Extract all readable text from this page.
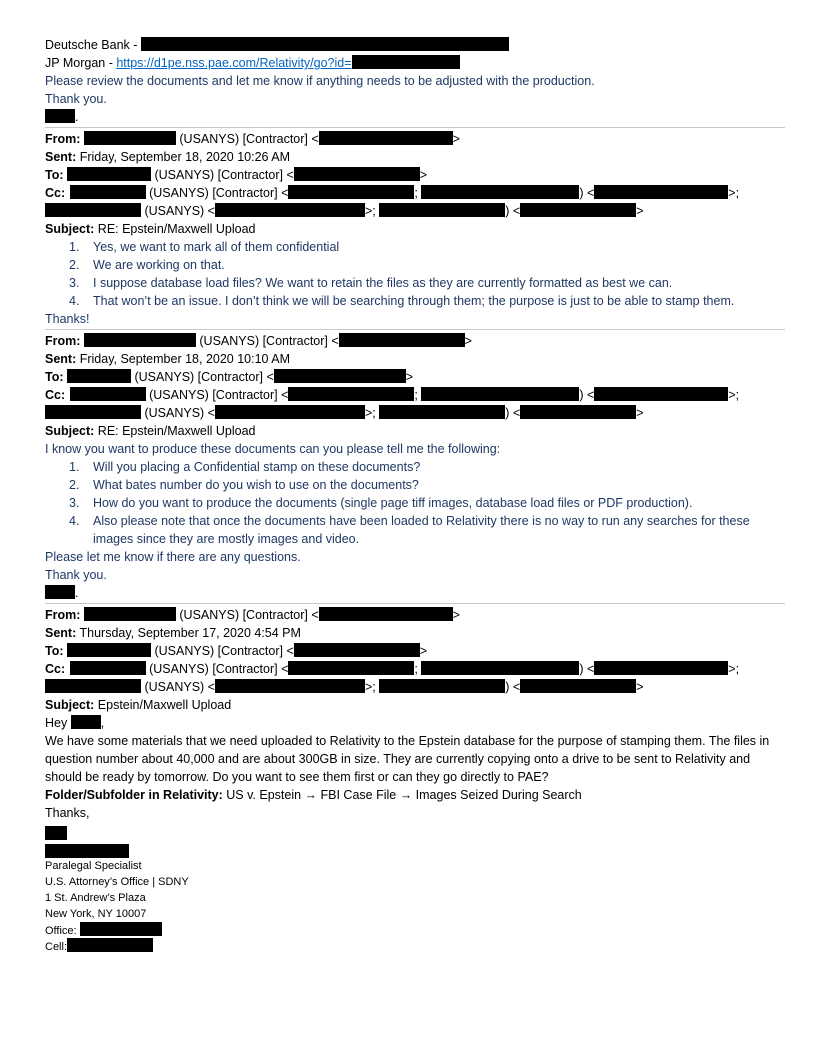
Deutsche Bank -
JP Morgan - https://d1pe.nss.pae.com/Relativity/go?id=
Please review the documents and let me know if anything needs to be adjusted with the production.
Thank you.
.
From:	(USANYS) [Contractor] <	>
Sent: Friday, September 18, 2020 10:26 AM
To:	(USANYS) [Contractor] <	>
Cc:	(USANYS) [Contractor] <	;	) <	>;
(USANYS) <	>;	) <	>
Subject: RE: Epstein/Maxwell Upload
1.	Yes, we want to mark all of them confidential
2.	We are working on that.
3.	I suppose database load files? We want to retain the files as they are currently formatted as best we can.
4.	That won’t be an issue. I don’t think we will be searching through them; the purpose is just to be able to stamp them.
Thanks!
From:	(USANYS) [Contractor] <	>
Sent: Friday, September 18, 2020 10:10 AM
To:	(USANYS) [Contractor] <	>
Cc:	(USANYS) [Contractor] <	;	) <	>;
(USANYS) <	>;	) <	>
Subject: RE: Epstein/Maxwell Upload
I know you want to produce these documents can you please tell me the following:
1.	Will you placing a Confidential stamp on these documents?
2.	What bates number do you wish to use on the documents?
3.	How do you want to produce the documents (single page tiff images, database load files or PDF production).
4.	Also please note that once the documents have been loaded to Relativity there is no way to run any searches for these images since they are mostly images and video.
Please let me know if there are any questions.
Thank you.
.
From:	(USANYS) [Contractor] <	>
Sent: Thursday, September 17, 2020 4:54 PM
To:	(USANYS) [Contractor] <	>
Cc:	(USANYS) [Contractor] <	;	) <	>;
(USANYS) <	>;	) <	>
Subject: Epstein/Maxwell Upload
Hey ,
We have some materials that we need uploaded to Relativity to the Epstein database for the purpose of stamping them. The files in question number about 40,000 and are about 300GB in size. They are currently copying onto a drive to be sent to Relativity and should be ready by tomorrow. Do you want to see them first or can they go directly to PAE?
Folder/Subfolder in Relativity: US v. Epstein → FBI Case File → Images Seized During Search
Thanks,
Paralegal Specialist
U.S. Attorney’s Office | SDNY
1 St. Andrew’s Plaza
New York, NY 10007
Office:
Cell:
